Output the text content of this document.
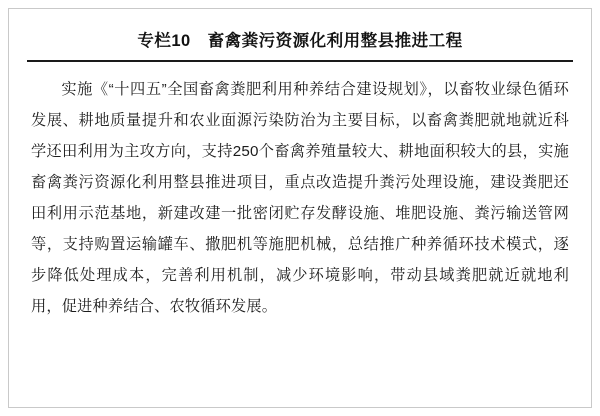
专栏10　畜禽粪污资源化利用整县推进工程

实施《“十四五”全国畜禽粪肥利用种养结合建设规划》，以畜牧业绿色循环发展、耕地质量提升和农业面源污染防治为主要目标，以畜禽粪肥就地就近科学还田利用为主攻方向，支持250个畜禽养殖量较大、耕地面积较大的县，实施畜禽粪污资源化利用整县推进项目，重点改造提升粪污处理设施，建设粪肥还田利用示范基地，新建改建一批密闭贮存发酵设施、堆肥设施、粪污输送管网等，支持购置运输罐车、撒肥机等施肥机械，总结推广种养循环技术模式，逐步降低处理成本，完善利用机制，减少环境影响，带动县域粪肥就近就地利用，促进种养结合、农牧循环发展。
